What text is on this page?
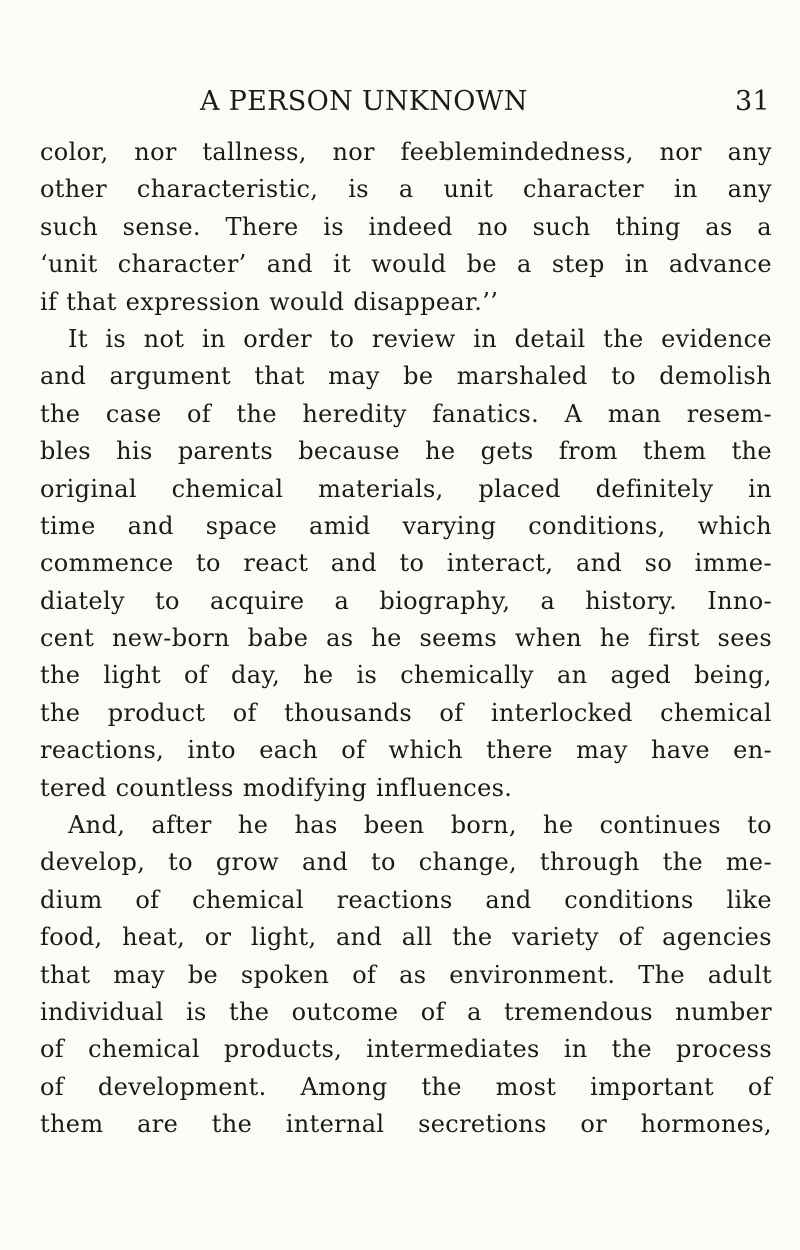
A PERSON UNKNOWN	31
color, nor tallness, nor feeblemindedness, nor any
other characteristic, is a unit character in any
such sense. There is indeed no such thing as a
‘unit character’ and it would be a step in advance
if that expression would disappear.’’
It is not in order to review in detail the evidence
and argument that may be marshaled to demolish
the case of the heredity fanatics. A man resem-
bles his parents because he gets from them the
original chemical materials, placed definitely in
time and space amid varying conditions, which
commence to react and to interact, and so imme-
diately to acquire a biography, a history. Inno-
cent new-born babe as he seems when he first sees
the light of day, he is chemically an aged being,
the product of thousands of interlocked chemical
reactions, into each of which there may have en-
tered countless modifying influences.
And, after he has been born, he continues to
develop, to grow and to change, through the me-
dium of chemical reactions and conditions like
food, heat, or light, and all the variety of agencies
that may be spoken of as environment. The adult
individual is the outcome of a tremendous number
of chemical products, intermediates in the process
of development. Among the most important of
them are the internal secretions or hormones,
